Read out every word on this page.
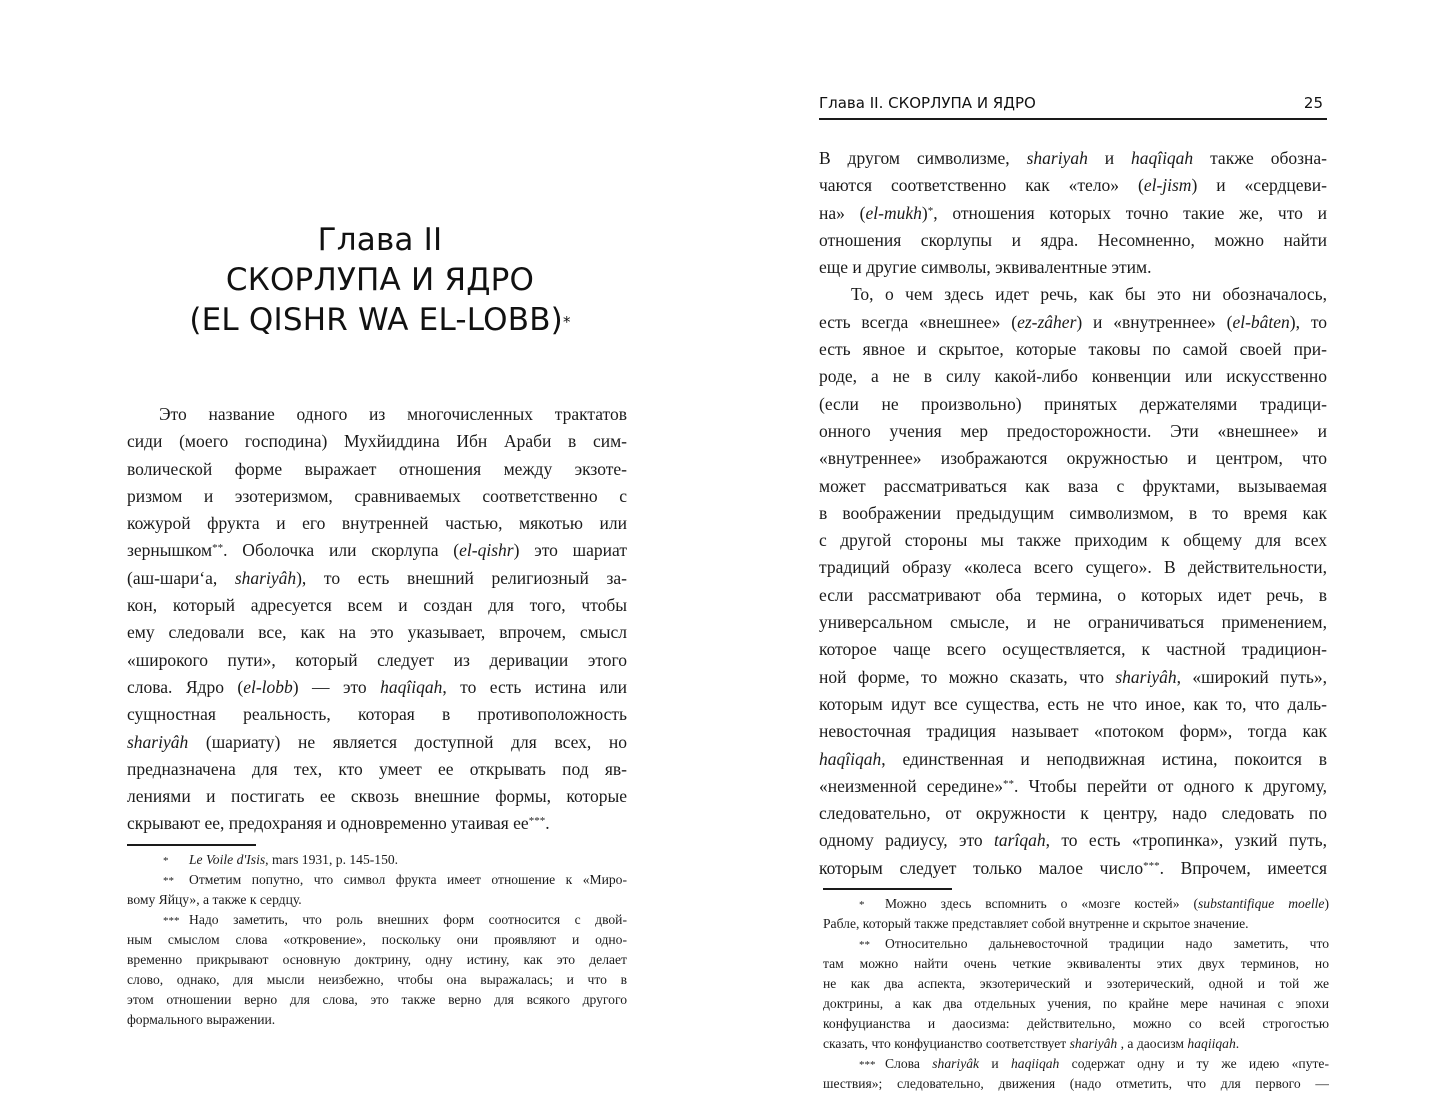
Глава II
СКОРЛУПА И ЯДРО
(EL QISHR WA EL-LOBB)*
Это название одного из многочисленных трактатов
сиди (моего господина) Мухйиддина Ибн Араби в сим-
волической форме выражает отношения между экзоте-
ризмом и эзотеризмом, сравниваемых соответственно с
кожурой фрукта и его внутренней частью, мякотью или
зернышком**. Оболочка или скорлупа (el-qishr) это шариат
(аш-шари‘а, shariyâh), то есть внешний религиозный за-
кон, который адресуется всем и создан для того, чтобы
ему следовали все, как на это указывает, впрочем, смысл
«широкого пути», который следует из деривации этого
слова. Ядро (el-lobb) — это haqîiqah, то есть истина или
сущностная реальность, которая в противоположность
shariyâh (шариату) не является доступной для всех, но
предназначена для тех, кто умеет ее открывать под яв-
лениями и постигать ее сквозь внешние формы, которые
скрывают ее, предохраняя и одновременно утаивая ее***.
* Le Voile d'Isis, mars 1931, p. 145-150.
** Отметим попутно, что символ фрукта имеет отношение к «Миро-
вому Яйцу», а также к сердцу.
*** Надо заметить, что роль внешних форм соотносится с двой-
ным смыслом слова «откровение», поскольку они проявляют и одно-
временно прикрывают основную доктрину, одну истину, как это делает
слово, однако, для мысли неизбежно, чтобы она выражалась; и что в
этом отношении верно для слова, это также верно для всякого другого
формального выражении.
Глава II. СКОРЛУПА И ЯДРО	25
В другом символизме, shariyah и haqîiqah также обозна-
чаются соответственно как «тело» (el-jism) и «сердцеви-
на» (el-mukh)*, отношения которых точно такие же, что и
отношения скорлупы и ядра. Несомненно, можно найти
еще и другие символы, эквивалентные этим.
То, о чем здесь идет речь, как бы это ни обозначалось,
есть всегда «внешнее» (ez-zâher) и «внутреннее» (el-bâten), то
есть явное и скрытое, которые таковы по самой своей при-
роде, а не в силу какой-либо конвенции или искусственно
(если не произвольно) принятых держателями традици-
онного учения мер предосторожности. Эти «внешнее» и
«внутреннее» изображаются окружностью и центром, что
может рассматриваться как ваза с фруктами, вызываемая
в воображении предыдущим символизмом, в то время как
с другой стороны мы также приходим к общему для всех
традиций образу «колеса всего сущего». В действительности,
если рассматривают оба термина, о которых идет речь, в
универсальном смысле, и не ограничиваться применением,
которое чаще всего осуществляется, к частной традицион-
ной форме, то можно сказать, что shariyâh, «широкий путь»,
которым идут все существа, есть не что иное, как то, что даль-
невосточная традиция называет «потоком форм», тогда как
haqîiqah, единственная и неподвижная истина, покоится в
«неизменной середине»**. Чтобы перейти от одного к другому,
следовательно, от окружности к центру, надо следовать по
одному радиусу, это tarîqah, то есть «тропинка», узкий путь,
которым следует только малое число***. Впрочем, имеется
* Можно здесь вспомнить о «мозге костей» (substantifique moelle)
Рабле, который также представляет собой внутренне и скрытое значение.
** Относительно дальневосточной традиции надо заметить, что
там можно найти очень четкие эквиваленты этих двух терминов, но
не как два аспекта, экзотерический и эзотерический, одной и той же
доктрины, а как два отдельных учения, по крайне мере начиная с эпохи
конфуцианства и даосизма: действительно, можно со всей строгостью
сказать, что конфуцианство соответствует shariyâh , а даосизм haqiiqah.
*** Слова shariyâk и haqiiqah содержат одну и ту же идею «путе-
шествия»; следовательно, движения (надо отметить, что для первого —
